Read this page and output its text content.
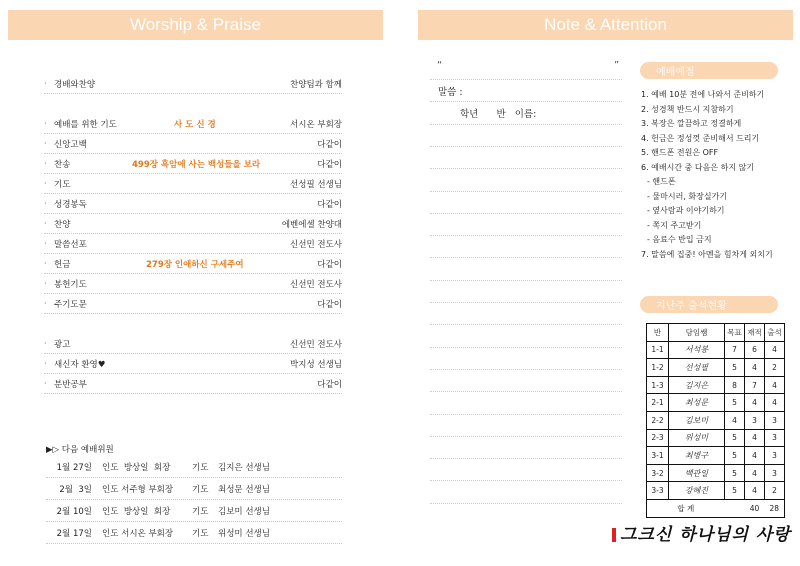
Worship & Praise	Note & Attention
· 경배와찬양	찬양팀과 함께
· 예배를 위한 기도	사 도 신 경	서시온 부회장
· 신앙고백	다같이
· 찬송	499장 흑암에 사는 백성들을 보라	다같이
· 기도	선성필 선생님
· 성경봉독	다같이
· 찬양	에벤에셀 찬양대
· 말씀선포	신선민 전도사
· 헌금	279장 인애하신 구세주여	다같이
· 봉헌기도	신선민 전도사
· 주기도문	다같이
· 광고	신선민 전도사
· 새신자 환영♥	박지성 선생님
· 분반공부	다같이
▶▷ 다음 예배위원
1월 27일 인도  방상일  회장	기도	김지은 선생님
2월  3일 인도 서주형 부회장	기도	최성문 선생님
2월 10일 인도  방상일  회장	기도	김보미 선생님
2월 17일 인도 서시온 부회장	기도	위성미 선생님
“	”
말씀 :
학년      반   이름:
예배예절
1. 예배 10분 전에 나와서 준비하기
2. 성경책 반드시 지참하기
3. 복장은 깔끔하고 정결하게
4. 헌금은 정성껏 준비해서 드리기
5. 핸드폰 전원은 OFF
6. 예배시간 중 다음은 하지 않기
- 핸드폰
- 물마시러, 화장실가기
- 옆사람과 이야기하기
- 쪽지 주고받기
- 음료수 반입 금지
7. 말씀에 집중! 아멘을 힘차게 외치기
지난주 출석현황
반	담임쌤	목표	재적	출석
1-1	서석봉	7	6	4
1-2	선성필	5	4	2
1-3	김지은	8	7	4
2-1	최성문	5	4	4
2-2	김보미	4	3	3
2-3	위성미	5	4	3
3-1	최병구	5	4	3
3-2	백관일	5	4	3
3-3	강혜진	5	4	2
합 계			40	28
그크신 하나님의 사랑
